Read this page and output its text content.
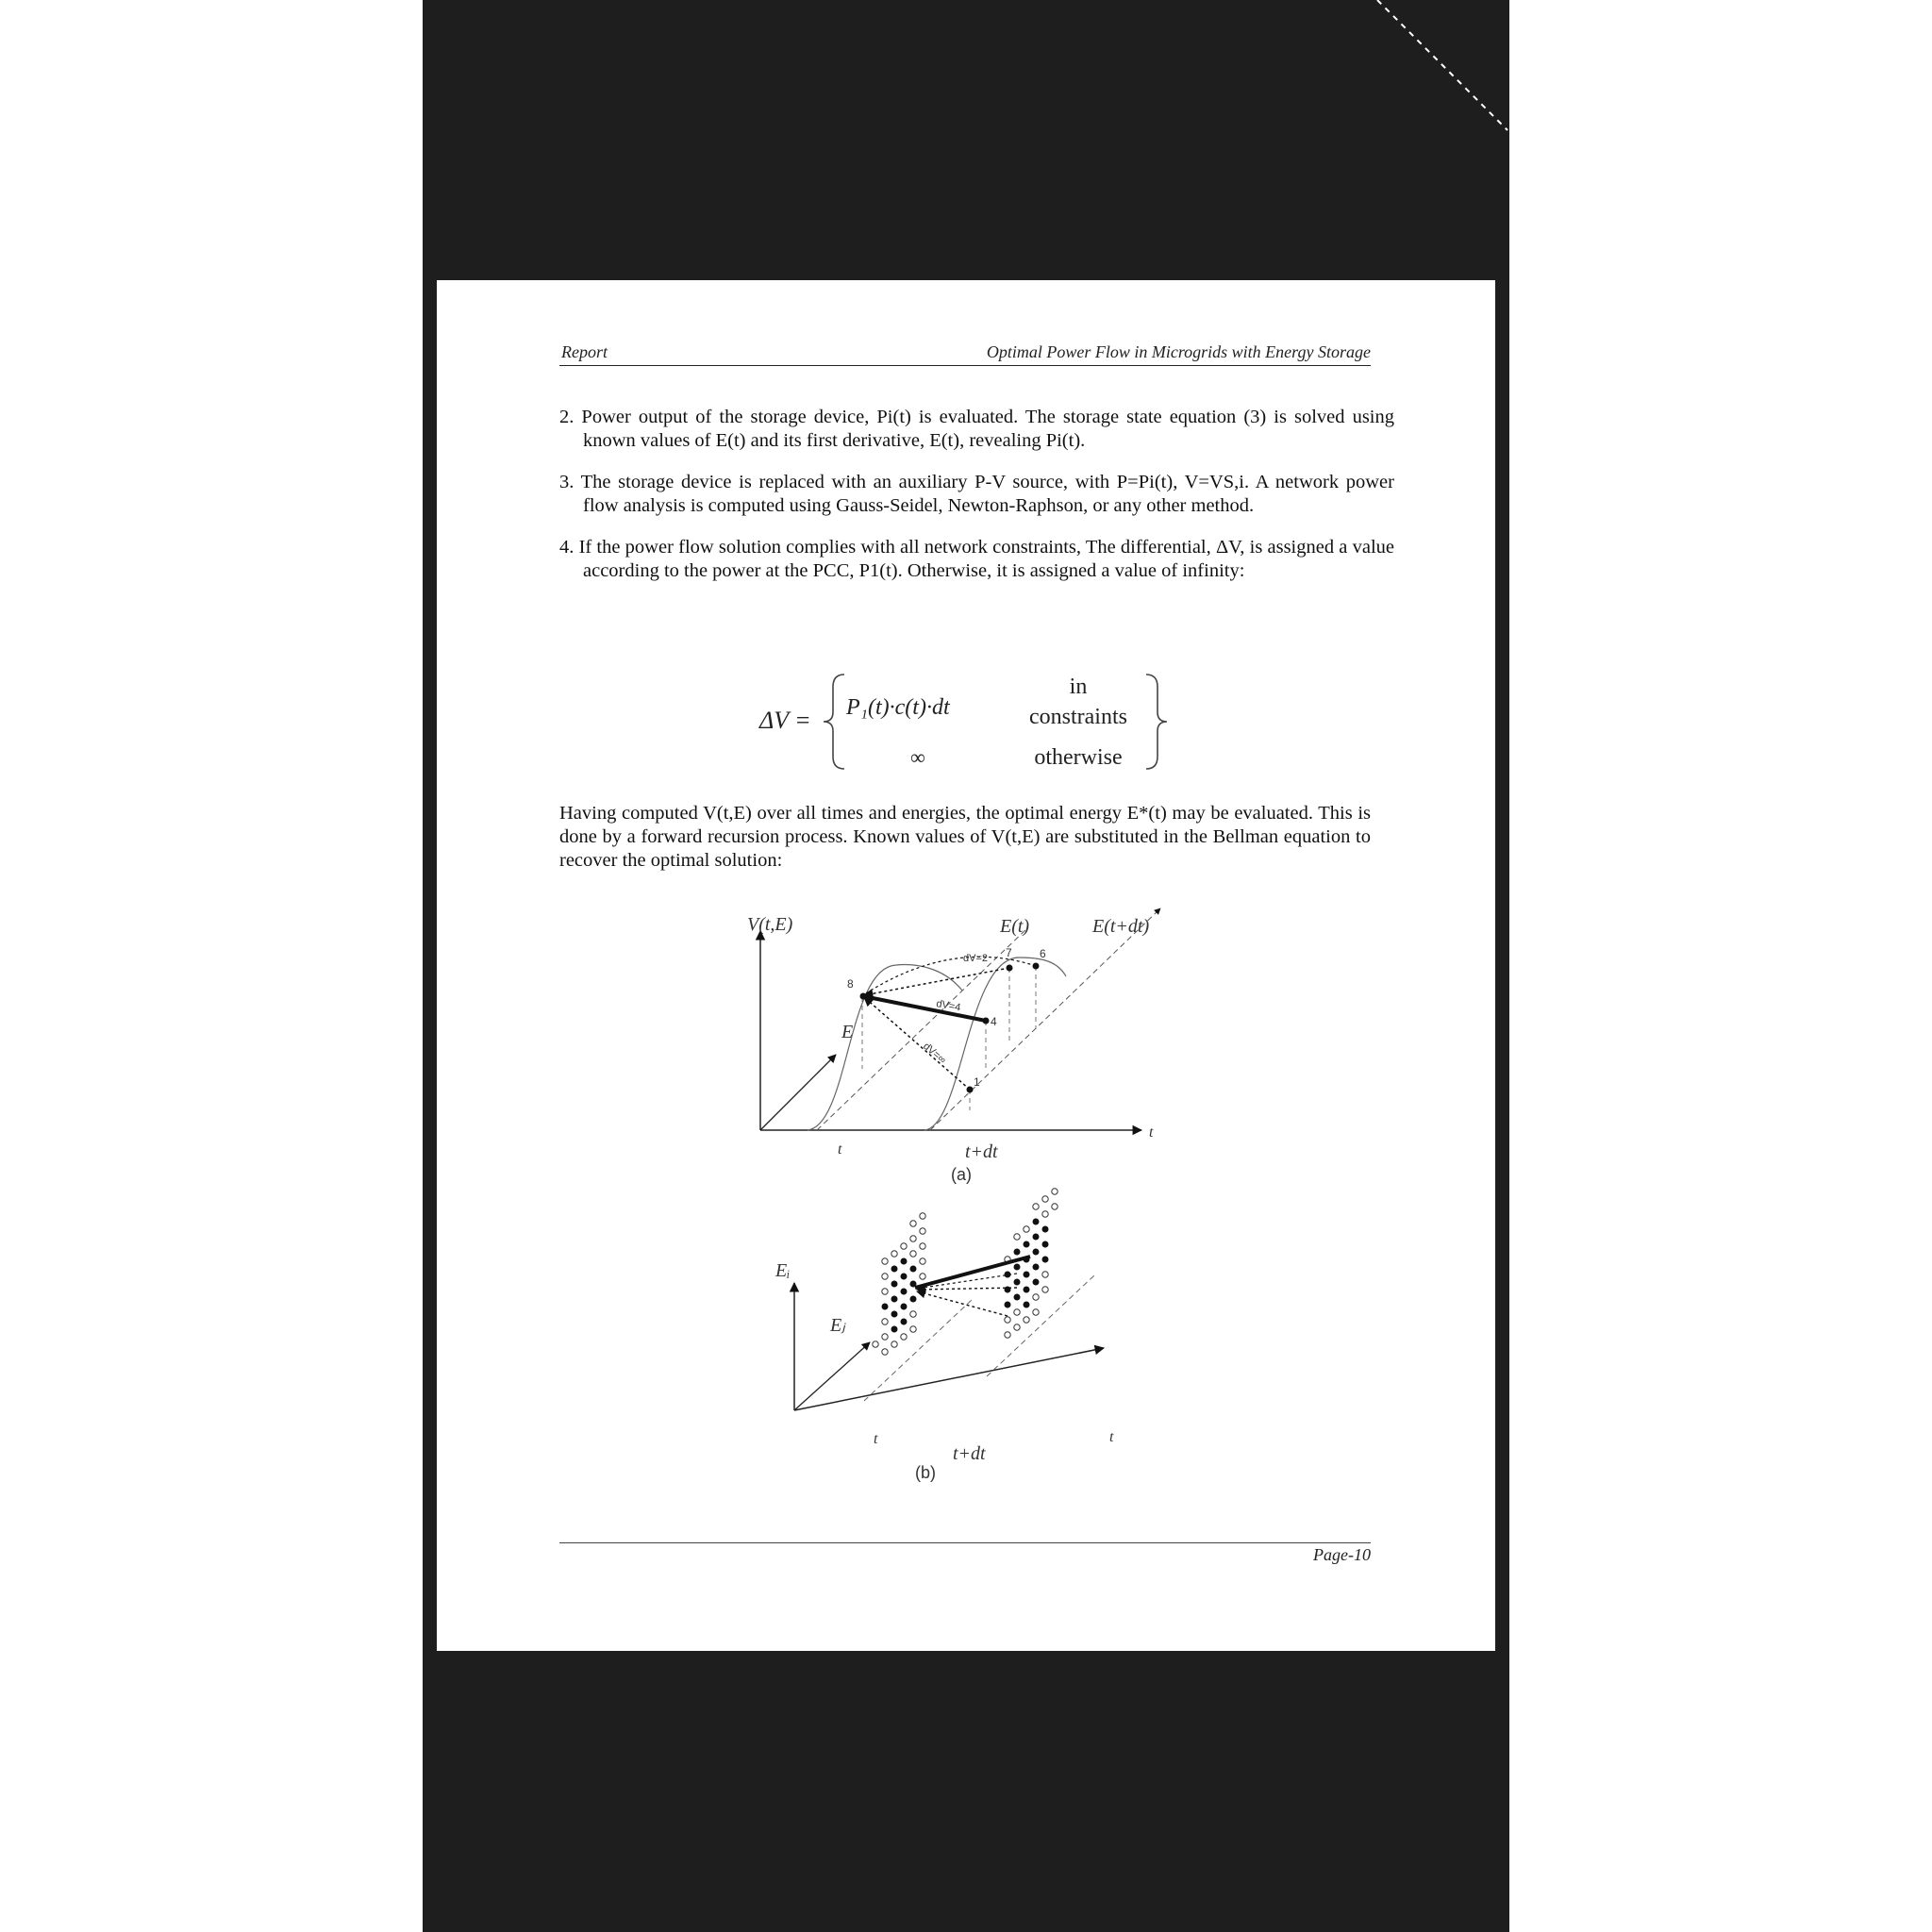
Report	Optimal Power Flow in Microgrids with Energy Storage
2. Power output of the storage device, Pi(t) is evaluated. The storage state equation (3) is solved using known values of E(t) and its first derivative, E(t), revealing Pi(t).
3. The storage device is replaced with an auxiliary P-V source, with P=Pi(t), V=VS,i. A network power flow analysis is computed using Gauss-Seidel, Newton-Raphson, or any other method.
4. If the power flow solution complies with all network constraints, The differential, ΔV, is assigned a value according to the power at the PCC, P1(t). Otherwise, it is assigned a value of infinity:
ΔV = P₁(t)·c(t)·dt
in
constraints
∞	otherwise
Having computed V(t,E) over all times and energies, the optimal energy E*(t) may be evaluated. This is done by a forward recursion process. Known values of V(t,E) are substituted in the Bellman equation to recover the optimal solution:
V(t,E)
E
E(t)	E(t+dt)
8
7 6
4
1
dV=2
dV=4
dV=∞
t	t+dt
t
(a)
Eᵢ
Eⱼ
t
t+dt
t
(b)
Page-10
